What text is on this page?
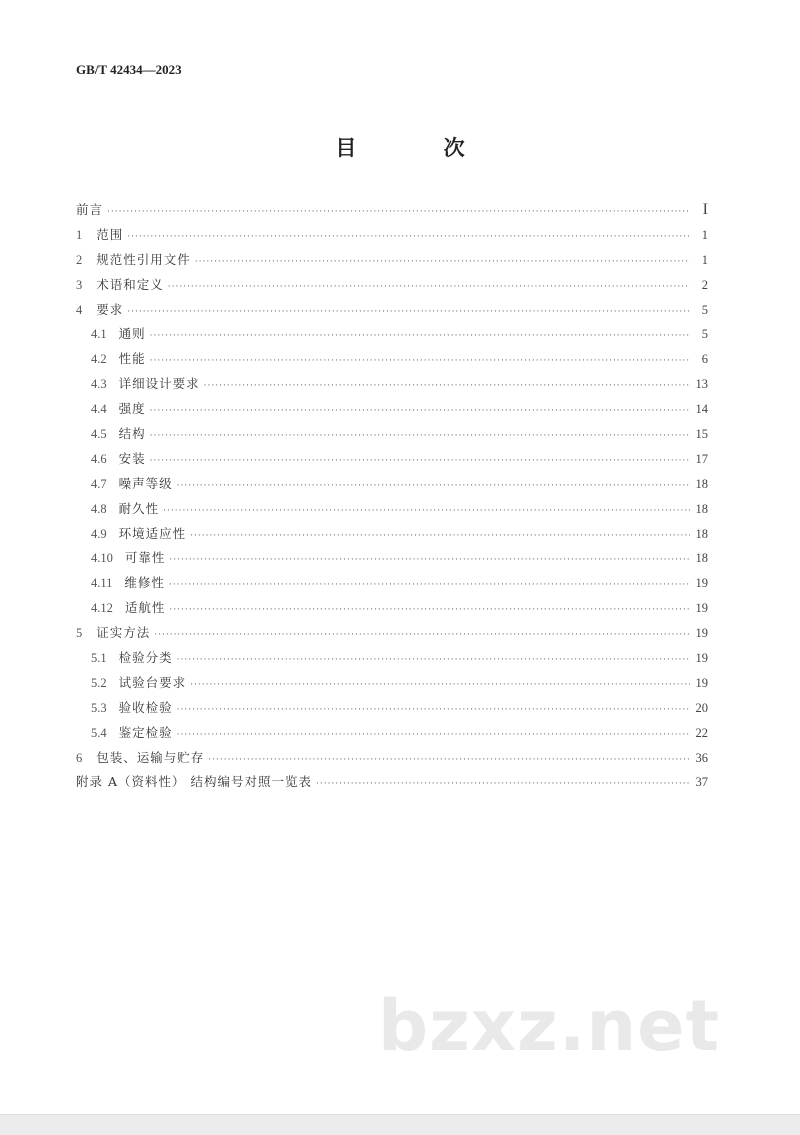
GB/T 42434—2023
目 次
前言 ·····	I
1 范围 ·····	1
2 规范性引用文件 ·····	1
3 术语和定义 ·····	2
4 要求 ·····	5
4.1 通则 ·····	5
4.2 性能 ·····	6
4.3 详细设计要求 ·····	13
4.4 强度 ·····	14
4.5 结构 ·····	15
4.6 安装 ·····	17
4.7 噪声等级 ·····	18
4.8 耐久性 ·····	18
4.9 环境适应性 ·····	18
4.10 可靠性 ·····	18
4.11 维修性 ·····	19
4.12 适航性 ·····	19
5 证实方法 ·····	19
5.1 检验分类 ·····	19
5.2 试验台要求 ·····	19
5.3 验收检验 ·····	20
5.4 鉴定检验 ·····	22
6 包装、运输与贮存 ·····	36
附录 A（资料性） 结构编号对照一览表 ·····	37
bzxz.net
